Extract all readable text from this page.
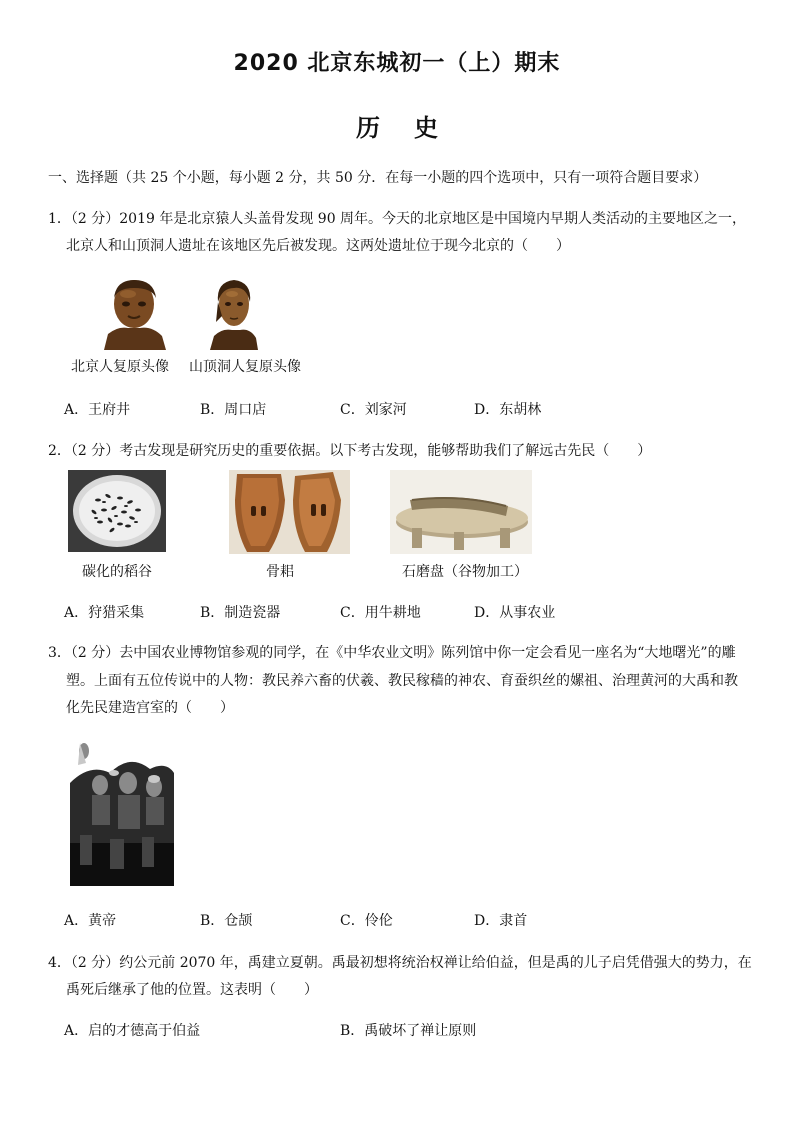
2020 北京东城初一（上）期末
历史
一、选择题（共 25 个小题，每小题 2 分，共 50 分．在每一小题的四个选项中，只有一项符合题目要求）
1．（2 分）2019 年是北京猿人头盖骨发现 90 周年。今天的北京地区是中国境内早期人类活动的主要地区之一，
北京人和山顶洞人遗址在该地区先后被发现。这两处遗址位于现今北京的（　　）
北京人复原头像	山顶洞人复原头像
A．王府井	B．周口店	C．刘家河	D．东胡林
2．（2 分）考古发现是研究历史的重要依据。以下考古发现，能够帮助我们了解远古先民（　　）
碳化的稻谷	骨耜	石磨盘（谷物加工）
A．狩猎采集	B．制造瓷器	C．用牛耕地	D．从事农业
3．（2 分）去中国农业博物馆参观的同学，在《中华农业文明》陈列馆中你一定会看见一座名为“大地曙光”的雕
塑。上面有五位传说中的人物：教民养六畜的伏羲、教民稼穑的神农、育蚕织丝的嫘祖、治理黄河的大禹和教
化先民建造宫室的（　　）
A．黄帝	B．仓颉	C．伶伦	D．隶首
4．（2 分）约公元前 2070 年，禹建立夏朝。禹最初想将统治权禅让给伯益，但是禹的儿子启凭借强大的势力，在
禹死后继承了他的位置。这表明（　　）
A．启的才德高于伯益	B．禹破坏了禅让原则
